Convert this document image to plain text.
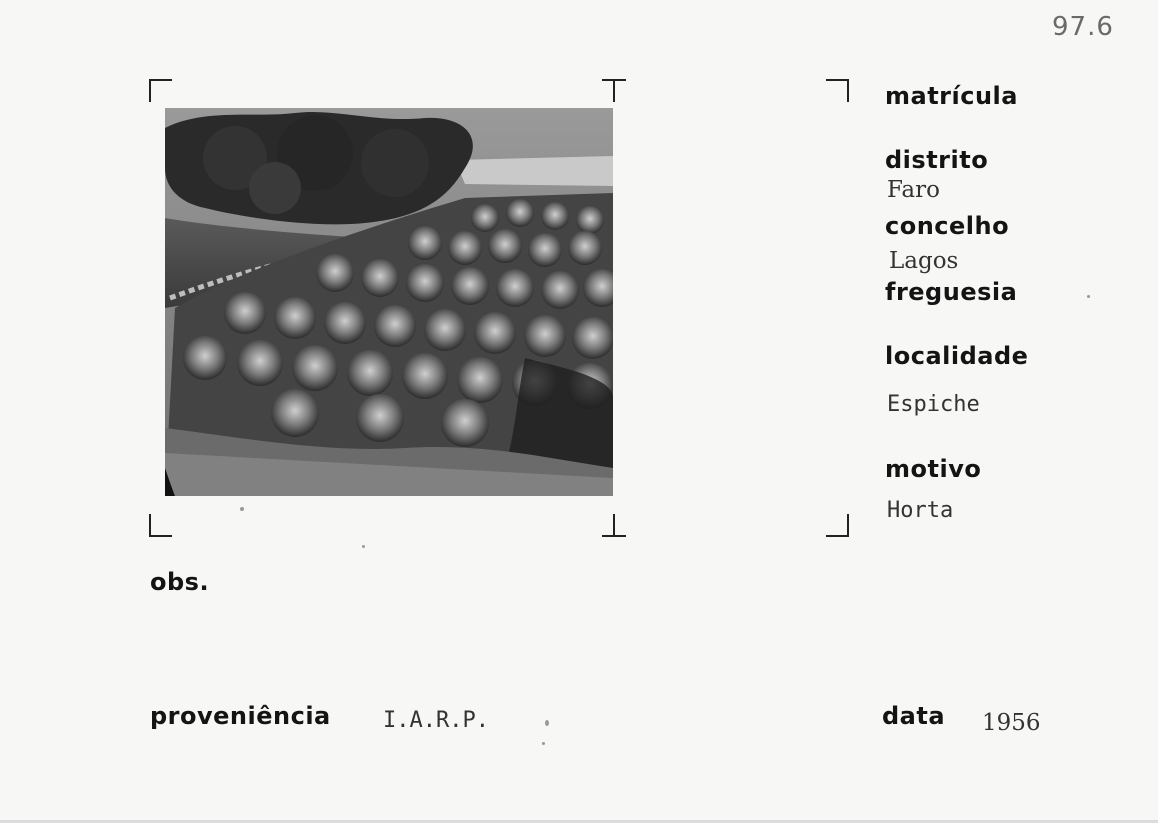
97.6
matrícula
distrito
Faro
concelho
Lagos
freguesia
localidade
Espiche
motivo
Horta
obs.
proveniência I.A.R.P.	data 1956
